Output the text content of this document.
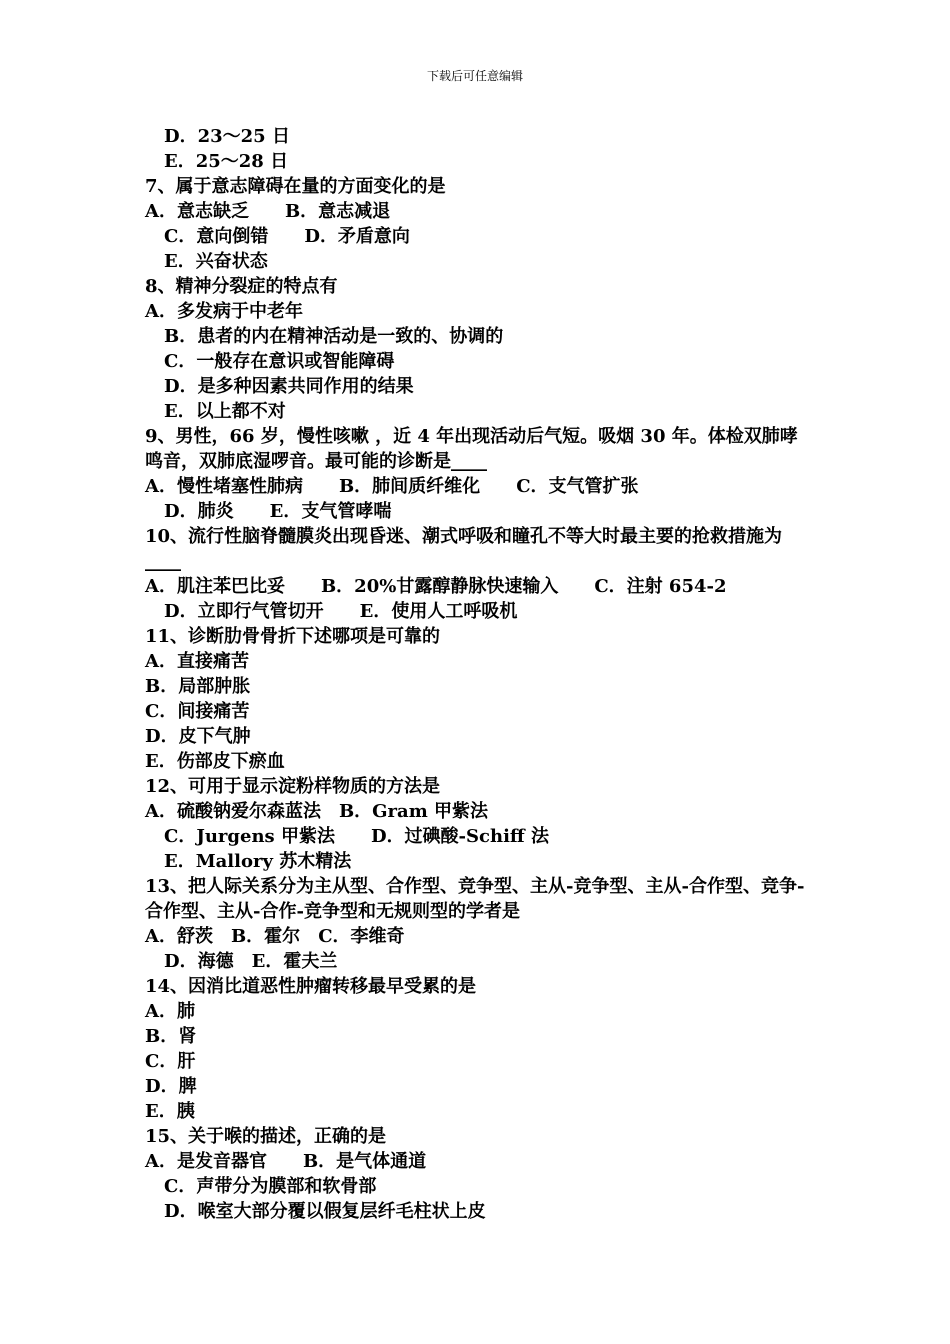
下载后可任意编辑
D．23～25 日
E．25～28 日
7、属于意志障碍在量的方面变化的是
A．意志缺乏 B．意志减退
C．意向倒错 D．矛盾意向
E．兴奋状态
8、精神分裂症的特点有
A．多发病于中老年
B．患者的内在精神活动是一致的、协调的
C．一般存在意识或智能障碍
D．是多种因素共同作用的结果
E．以上都不对
9、男性，66 岁，慢性咳嗽 ，近 4 年出现活动后气短。吸烟 30 年。体检双肺哮鸣音，双肺底湿啰音。最可能的诊断是____
A．慢性堵塞性肺病 B．肺间质纤维化 C．支气管扩张
D．肺炎 E．支气管哮喘
10、流行性脑脊髓膜炎出现昏迷、潮式呼吸和瞳孔不等大时最主要的抢救措施为____
A．肌注苯巴比妥 B．20%甘露醇静脉快速输入 C．注射 654-2
D．立即行气管切开 E．使用人工呼吸机
11、诊断肋骨骨折下述哪项是可靠的
A．直接痛苦
B．局部肿胀
C．间接痛苦
D．皮下气肿
E．伤部皮下瘀血
12、可用于显示淀粉样物质的方法是
A．硫酸钠爱尔森蓝法 B．Gram 甲紫法
C．Jurgens 甲紫法 D．过碘酸-Schiff 法
E．Mallory 苏木精法
13、把人际关系分为主从型、合作型、竞争型、主从-竞争型、主从-合作型、竞争-合作型、主从-合作-竞争型和无规则型的学者是
A．舒茨 B．霍尔 C．李维奇
D．海德 E．霍夫兰
14、因消比道恶性肿瘤转移最早受累的是
A．肺
B．肾
C．肝
D．脾
E．胰
15、关于喉的描述，正确的是
A．是发音器官 B．是气体通道
C．声带分为膜部和软骨部
D．喉室大部分覆以假复层纤毛柱状上皮
